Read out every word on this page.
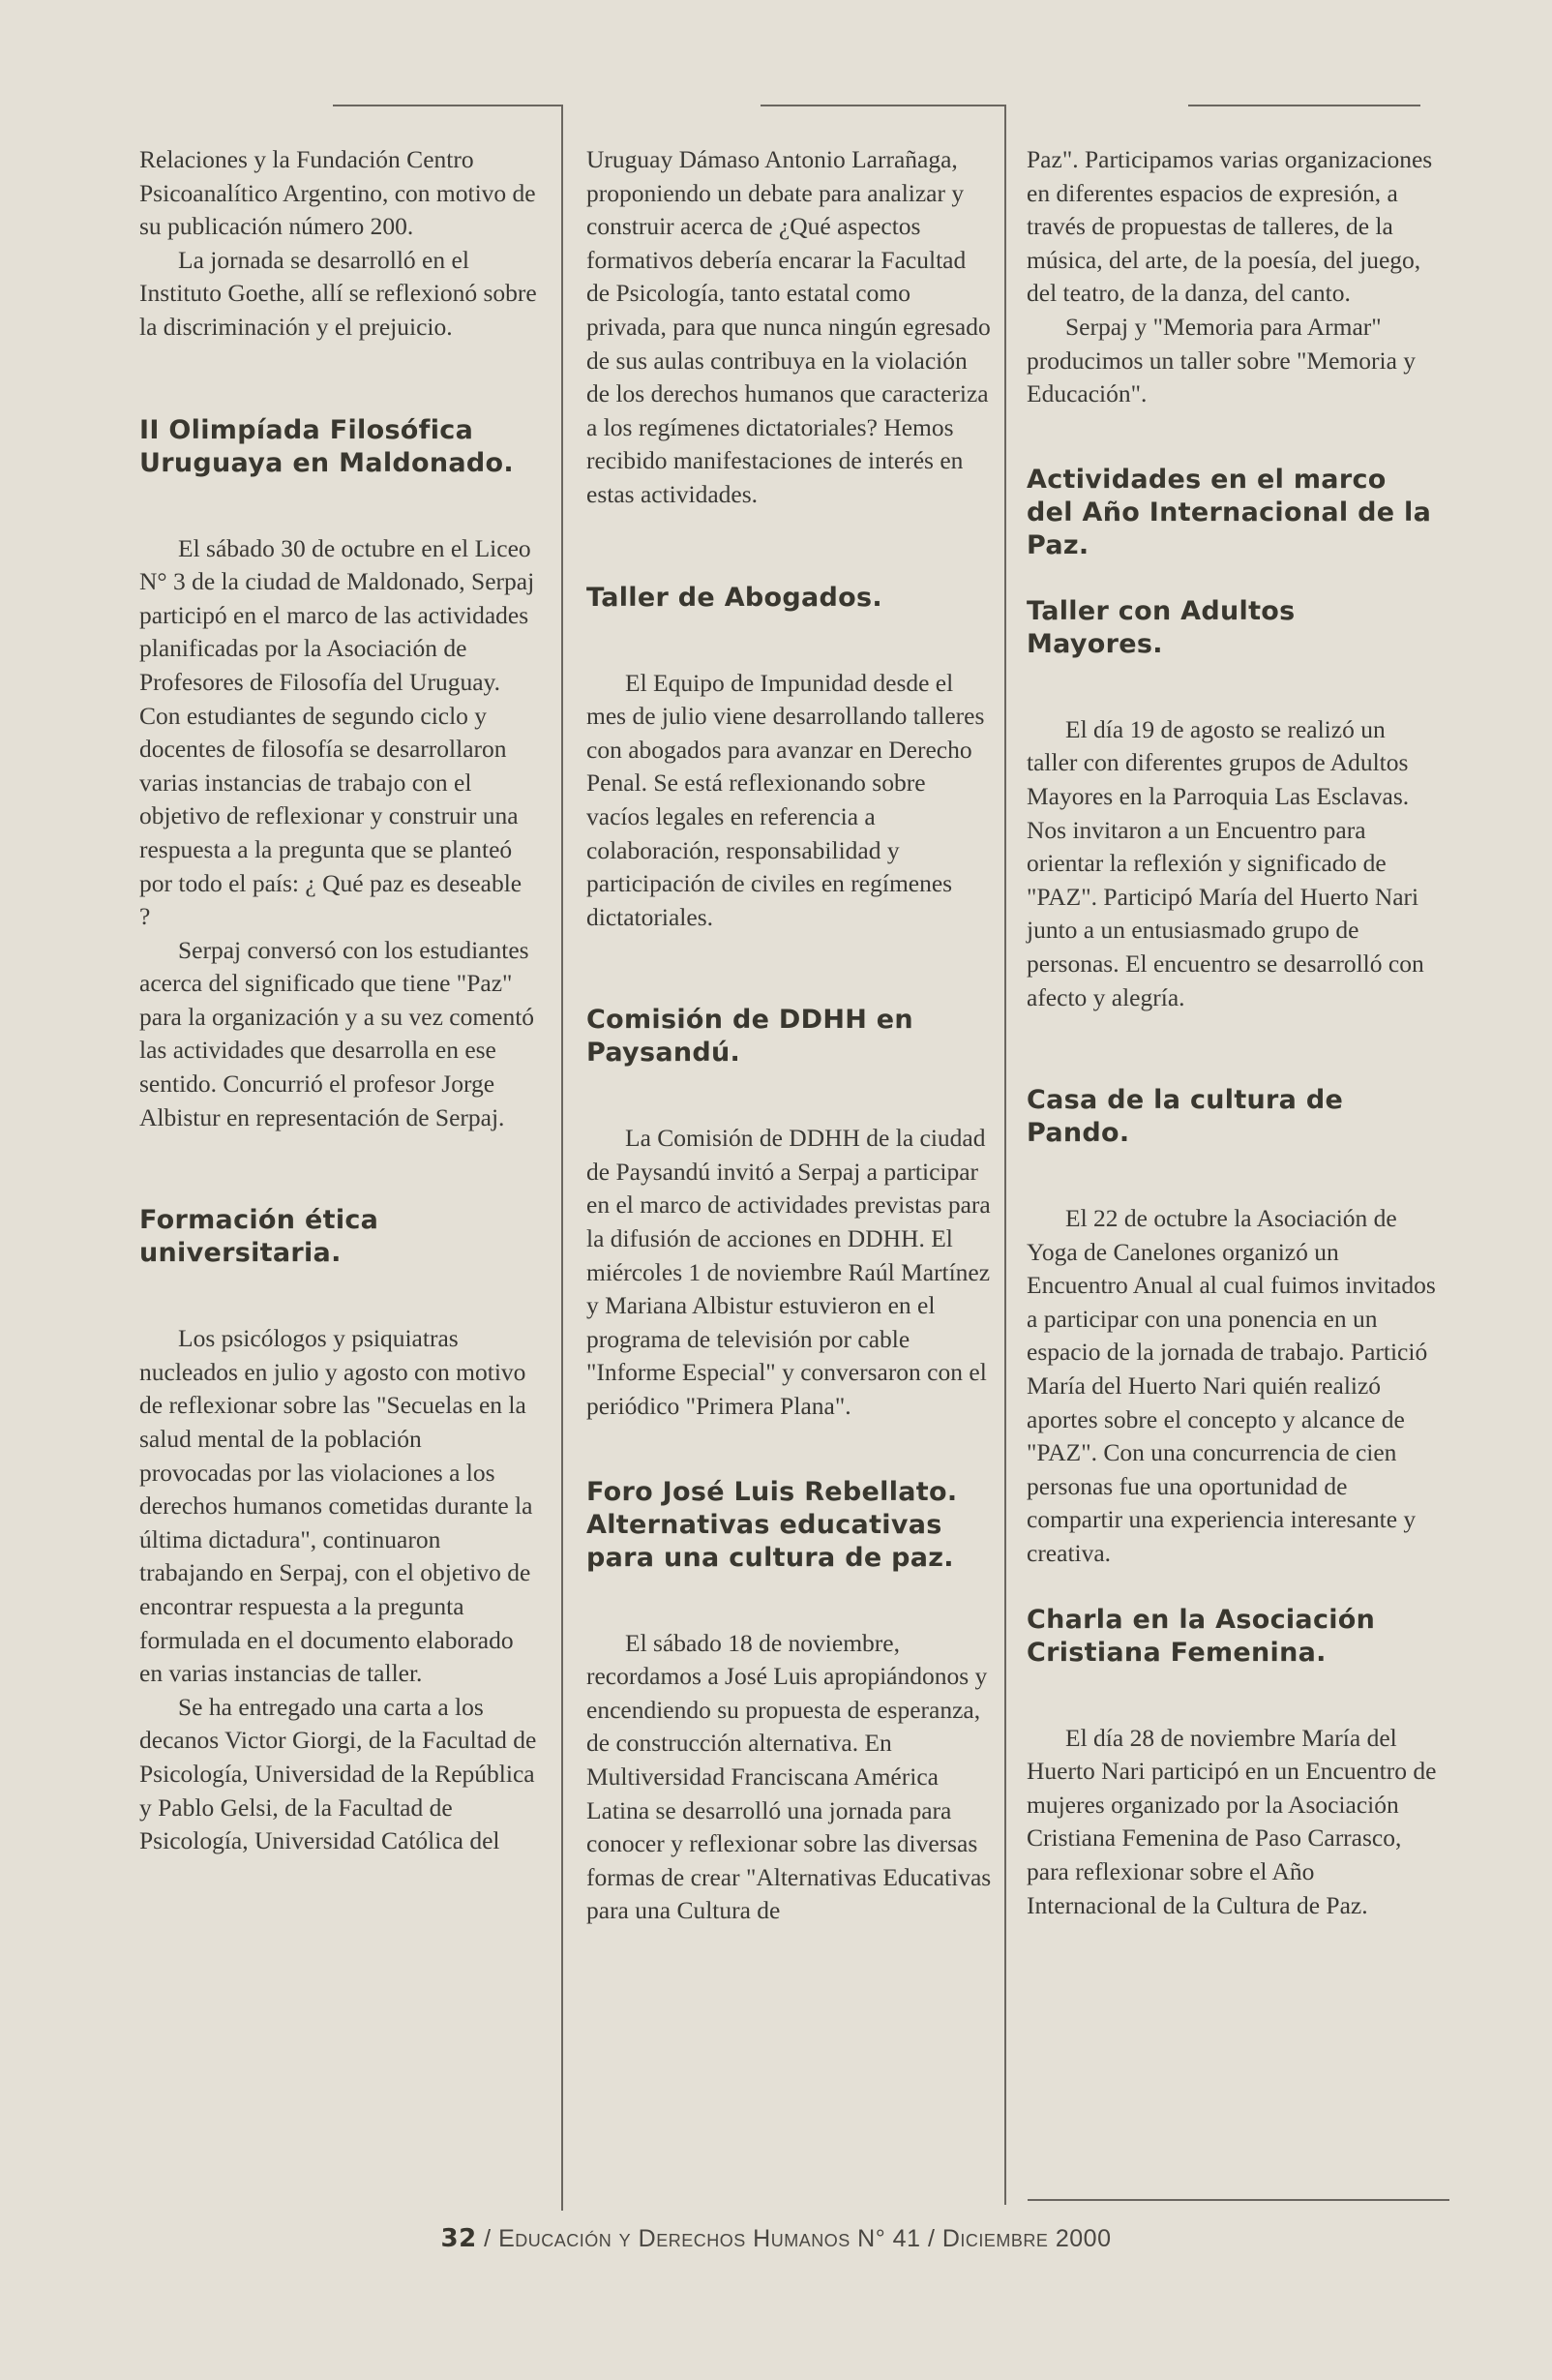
Relaciones y la Fundación Centro Psicoanalítico Argentino, con motivo de su publicación número 200.

La jornada se desarrolló en el Instituto Goethe, allí se reflexionó sobre la discriminación y el prejuicio.

II Olimpíada Filosófica Uruguaya en Maldonado.

El sábado 30 de octubre en el Liceo N° 3 de la ciudad de Maldonado, Serpaj participó en el marco de las actividades planificadas por la Asociación de Profesores de Filosofía del Uruguay. Con estudiantes de segundo ciclo y docentes de filosofía se desarrollaron varias instancias de trabajo con el objetivo de reflexionar y construir una respuesta a la pregunta que se planteó por todo el país: ¿ Qué paz es deseable ?

Serpaj conversó con los estudiantes acerca del significado que tiene "Paz" para la organización y a su vez comentó las actividades que desarrolla en ese sentido. Concurrió el profesor Jorge Albistur en representación de Serpaj.

Formación ética universitaria.

Los psicólogos y psiquiatras nucleados en julio y agosto con motivo de reflexionar sobre las "Secuelas en la salud mental de la población provocadas por las violaciones a los derechos humanos cometidas durante la última dictadura", continuaron trabajando en Serpaj, con el objetivo de encontrar respuesta a la pregunta formulada en el documento elaborado en varias instancias de taller.

Se ha entregado una carta a los decanos Victor Giorgi, de la Facultad de Psicología, Universidad de la República y Pablo Gelsi, de la Facultad de Psicología, Universidad Católica del

Uruguay Dámaso Antonio Larrañaga, proponiendo un debate para analizar y construir acerca de ¿Qué aspectos formativos debería encarar la Facultad de Psicología, tanto estatal como privada, para que nunca ningún egresado de sus aulas contribuya en la violación de los derechos humanos que caracteriza a los regímenes dictatoriales? Hemos recibido manifestaciones de interés en estas actividades.

Taller de Abogados.

El Equipo de Impunidad desde el mes de julio viene desarrollando talleres con abogados para avanzar en Derecho Penal. Se está reflexionando sobre vacíos legales en referencia a colaboración, responsabilidad y participación de civiles en regímenes dictatoriales.

Comisión de DDHH en Paysandú.

La Comisión de DDHH de la ciudad de Paysandú invitó a Serpaj a participar en el marco de actividades previstas para la difusión de acciones en DDHH. El miércoles 1 de noviembre Raúl Martínez y Mariana Albistur estuvieron en el programa de televisión por cable "Informe Especial" y conversaron con el periódico "Primera Plana".

Foro José Luis Rebellato. Alternativas educativas para una cultura de paz.

El sábado 18 de noviembre, recordamos a José Luis apropiándonos y encendiendo su propuesta de esperanza, de construcción alternativa. En Multiversidad Franciscana América Latina se desarrolló una jornada para conocer y reflexionar sobre las diversas formas de crear "Alternativas Educativas para una Cultura de

Paz". Participamos varias organizaciones en diferentes espacios de expresión, a través de propuestas de talleres, de la música, del arte, de la poesía, del juego, del teatro, de la danza, del canto.

Serpaj y "Memoria para Armar" producimos un taller sobre "Memoria y Educación".

Actividades en el marco del Año Internacional de la Paz.
Taller con Adultos Mayores.

El día 19 de agosto se realizó un taller con diferentes grupos de Adultos Mayores en la Parroquia Las Esclavas. Nos invitaron a un Encuentro para orientar la reflexión y significado de "PAZ". Participó María del Huerto Nari junto a un entusiasmado grupo de personas. El encuentro se desarrolló con afecto y alegría.

Casa de la cultura de Pando.

El 22 de octubre la Asociación de Yoga de Canelones organizó un Encuentro Anual al cual fuimos invitados a participar con una ponencia en un espacio de la jornada de trabajo. Partició María del Huerto Nari quién realizó aportes sobre el concepto y alcance de "PAZ". Con una concurrencia de cien personas fue una oportunidad de compartir una experiencia interesante y creativa.

Charla en la Asociación Cristiana Femenina.

El día 28 de noviembre María del Huerto Nari participó en un Encuentro de mujeres organizado por la Asociación Cristiana Femenina de Paso Carrasco, para reflexionar sobre el Año Internacional de la Cultura de Paz.

32 / Educación y Derechos Humanos N° 41 / Diciembre 2000
